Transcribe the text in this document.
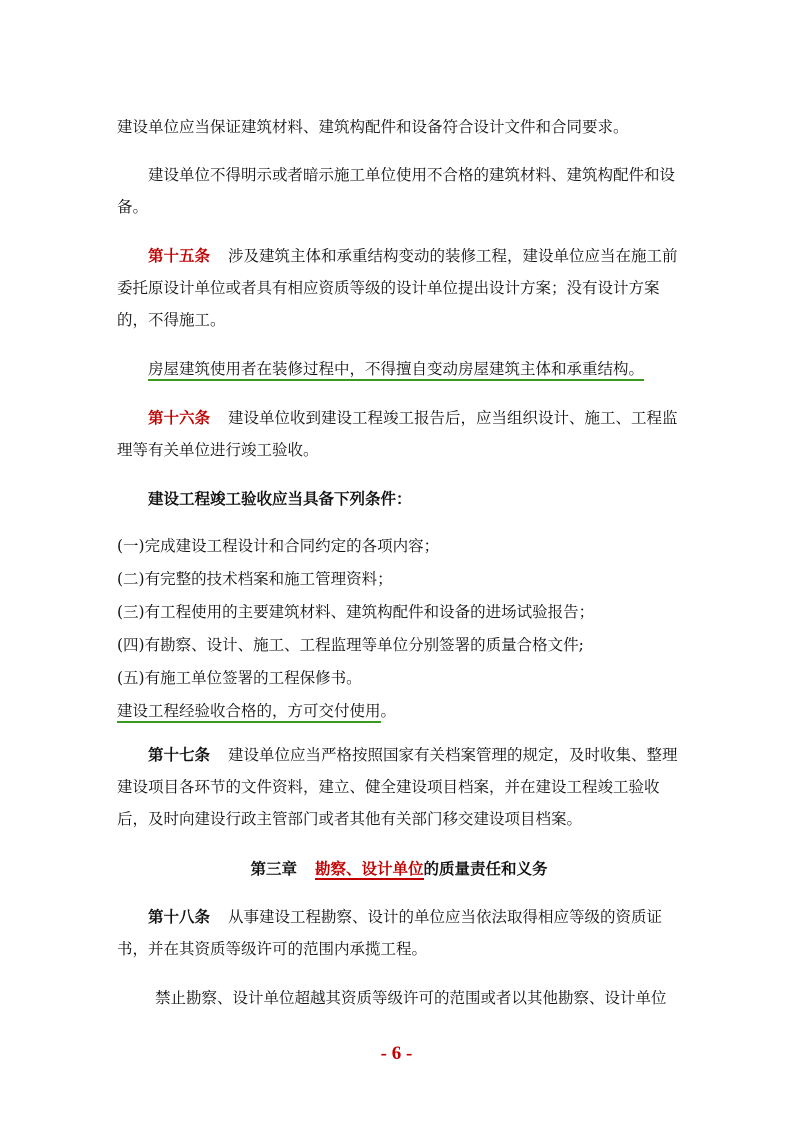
建设单位应当保证建筑材料、建筑构配件和设备符合设计文件和合同要求。
建设单位不得明示或者暗示施工单位使用不合格的建筑材料、建筑构配件和设备。
第十五条 涉及建筑主体和承重结构变动的装修工程，建设单位应当在施工前委托原设计单位或者具有相应资质等级的设计单位提出设计方案；没有设计方案的，不得施工。
房屋建筑使用者在装修过程中，不得擅自变动房屋建筑主体和承重结构。
第十六条 建设单位收到建设工程竣工报告后，应当组织设计、施工、工程监理等有关单位进行竣工验收。
建设工程竣工验收应当具备下列条件：
(一)完成建设工程设计和合同约定的各项内容；
(二)有完整的技术档案和施工管理资料；
(三)有工程使用的主要建筑材料、建筑构配件和设备的进场试验报告；
(四)有勘察、设计、施工、工程监理等单位分别签署的质量合格文件;
(五)有施工单位签署的工程保修书。
建设工程经验收合格的，方可交付使用。
第十七条 建设单位应当严格按照国家有关档案管理的规定，及时收集、整理建设项目各环节的文件资料，建立、健全建设项目档案，并在建设工程竣工验收后，及时向建设行政主管部门或者其他有关部门移交建设项目档案。
第三章 勘察、设计单位的质量责任和义务
第十八条 从事建设工程勘察、设计的单位应当依法取得相应等级的资质证书，并在其资质等级许可的范围内承揽工程。
禁止勘察、设计单位超越其资质等级许可的范围或者以其他勘察、设计单位
- 6 -
